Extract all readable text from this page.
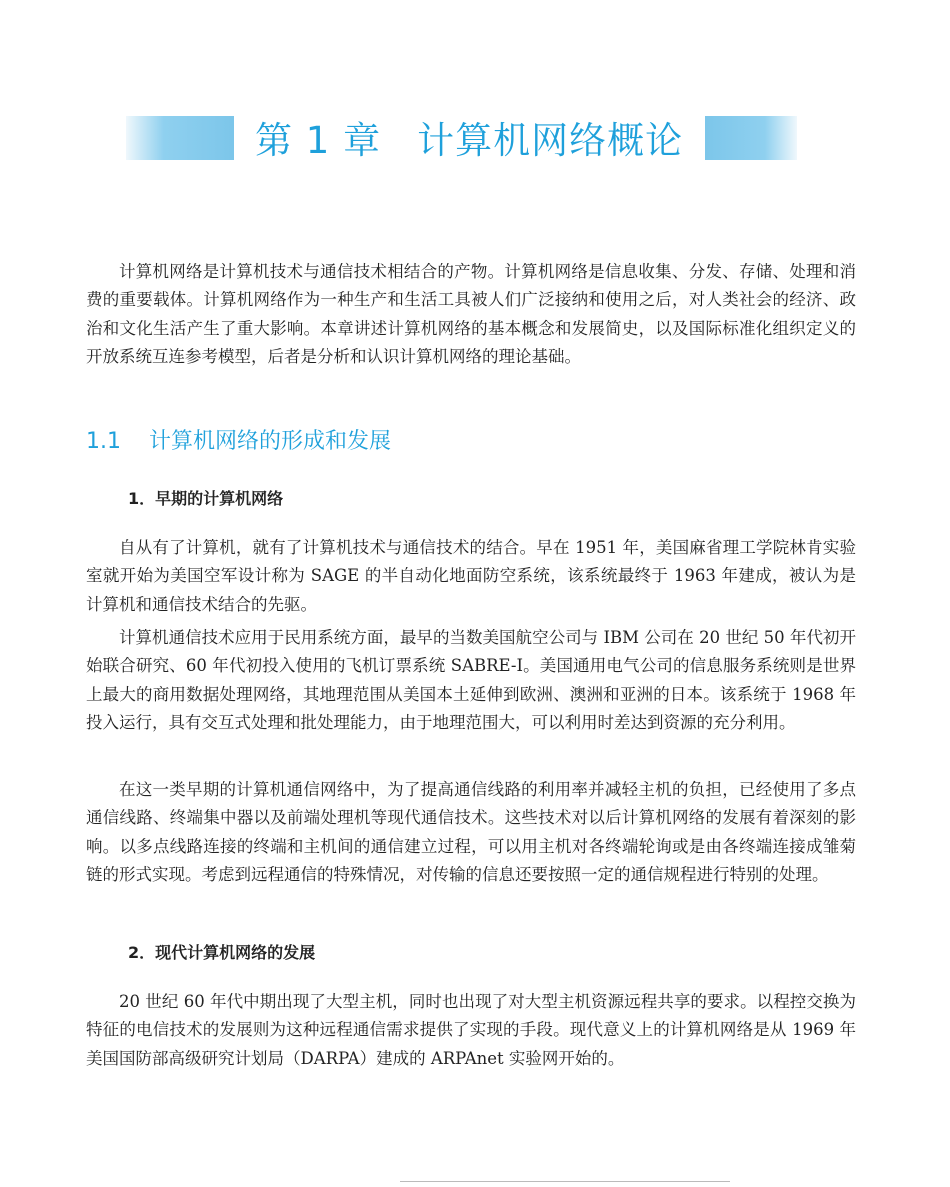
第 1 章 计算机网络概论

计算机网络是计算机技术与通信技术相结合的产物。计算机网络是信息收集、分发、存储、处理和消费的重要载体。计算机网络作为一种生产和生活工具被人们广泛接纳和使用之后，对人类社会的经济、政治和文化生活产生了重大影响。本章讲述计算机网络的基本概念和发展简史，以及国际标准化组织定义的开放系统互连参考模型，后者是分析和认识计算机网络的理论基础。

1.1 计算机网络的形成和发展
1．早期的计算机网络

自从有了计算机，就有了计算机技术与通信技术的结合。早在 1951 年，美国麻省理工学院林肯实验室就开始为美国空军设计称为 SAGE 的半自动化地面防空系统，该系统最终于 1963 年建成，被认为是计算机和通信技术结合的先驱。

计算机通信技术应用于民用系统方面，最早的当数美国航空公司与 IBM 公司在 20 世纪 50 年代初开始联合研究、60 年代初投入使用的飞机订票系统 SABRE-I。美国通用电气公司的信息服务系统则是世界上最大的商用数据处理网络，其地理范围从美国本土延伸到欧洲、澳洲和亚洲的日本。该系统于 1968 年投入运行，具有交互式处理和批处理能力，由于地理范围大，可以利用时差达到资源的充分利用。

在这一类早期的计算机通信网络中，为了提高通信线路的利用率并减轻主机的负担，已经使用了多点通信线路、终端集中器以及前端处理机等现代通信技术。这些技术对以后计算机网络的发展有着深刻的影响。以多点线路连接的终端和主机间的通信建立过程，可以用主机对各终端轮询或是由各终端连接成雏菊链的形式实现。考虑到远程通信的特殊情况，对传输的信息还要按照一定的通信规程进行特别的处理。

2．现代计算机网络的发展

20 世纪 60 年代中期出现了大型主机，同时也出现了对大型主机资源远程共享的要求。以程控交换为特征的电信技术的发展则为这种远程通信需求提供了实现的手段。现代意义上的计算机网络是从 1969 年美国国防部高级研究计划局（DARPA）建成的 ARPAnet 实验网开始的。
